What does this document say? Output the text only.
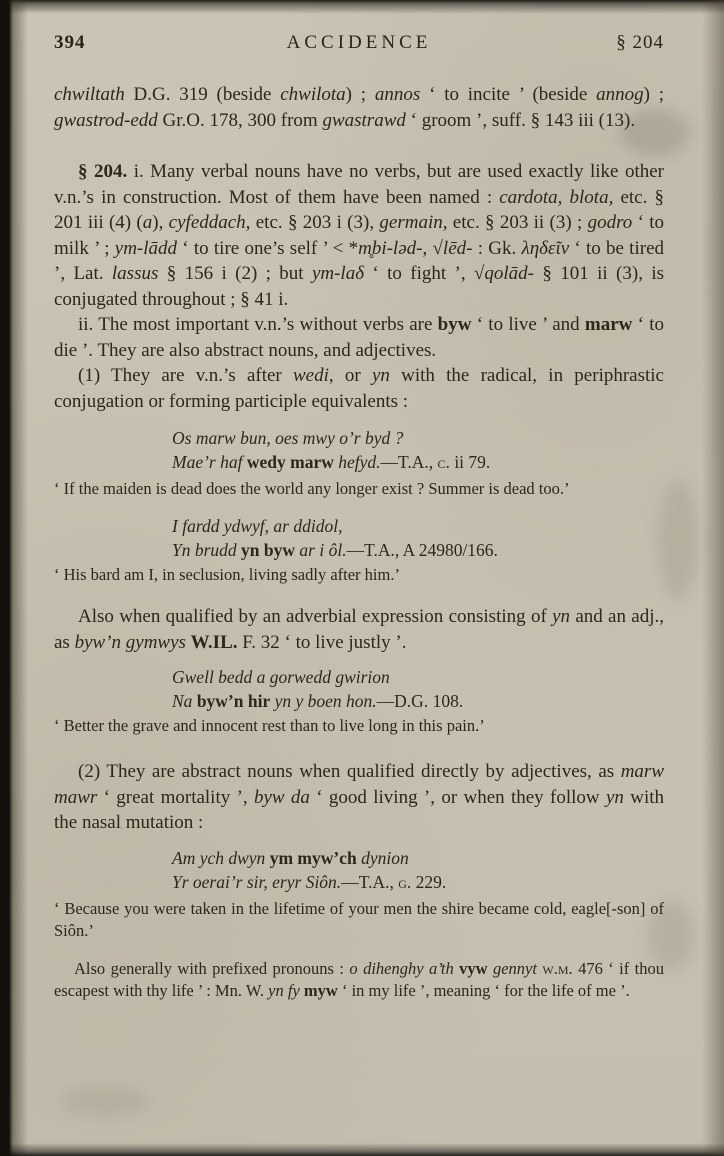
394	ACCIDENCE	§ 204
chwiltath D.G. 319 (beside chwilota) ; annos ‘ to incite ’ (beside annog) ; gwastrod-edd Gr.O. 178, 300 from gwastrawd ‘ groom ’, suff. § 143 iii (13).
§ 204. i. Many verbal nouns have no verbs, but are used exactly like other v.n.’s in construction. Most of them have been named : cardota, blota, etc. § 201 iii (4) (a), cyfeddach, etc. § 203 i (3), germain, etc. § 203 ii (3) ; godro ‘ to milk ’ ; ym-lādd ‘ to tire one’s self ’ < *m̥bi-ləd-, √lēd- : Gk. ληδεῖν ‘ to be tired ’, Lat. lassus § 156 i (2) ; but ym-laδ ‘ to fight ’, √qolād- § 101 ii (3), is conjugated throughout ; § 41 i.
ii. The most important v.n.’s without verbs are byw ‘ to live ’ and marw ‘ to die ’. They are also abstract nouns, and adjectives.
(1) They are v.n.’s after wedi, or yn with the radical, in periphrastic conjugation or forming participle equivalents :
Os marw bun, oes mwy o’r byd ?
Mae’r haf wedy marw hefyd.—T.A., c. ii 79.
‘ If the maiden is dead does the world any longer exist ? Summer is dead too.’
I fardd ydwyf, ar ddidol,
Yn brudd yn byw ar i ôl.—T.A., A 24980/166.
‘ His bard am I, in seclusion, living sadly after him.’
Also when qualified by an adverbial expression consisting of yn and an adj., as byw’n gymwys W.IL. F. 32 ‘ to live justly ’.
Gwell bedd a gorwedd gwirion
Na byw’n hir yn y boen hon.—D.G. 108.
‘ Better the grave and innocent rest than to live long in this pain.’
(2) They are abstract nouns when qualified directly by adjectives, as marw mawr ‘ great mortality ’, byw da ‘ good living ’, or when they follow yn with the nasal mutation :
Am ych dwyn ym myw’ch dynion
Yr oerai’r sir, eryr Siôn.—T.A., g. 229.
‘ Because you were taken in the lifetime of your men the shire became cold, eagle[-son] of Siôn.’
Also generally with prefixed pronouns : o dihenghy a’th vyw gennyt w.m. 476 ‘ if thou escapest with thy life ’ : Mn. W. yn fy myw ‘ in my life ’, meaning ‘ for the life of me ’.
